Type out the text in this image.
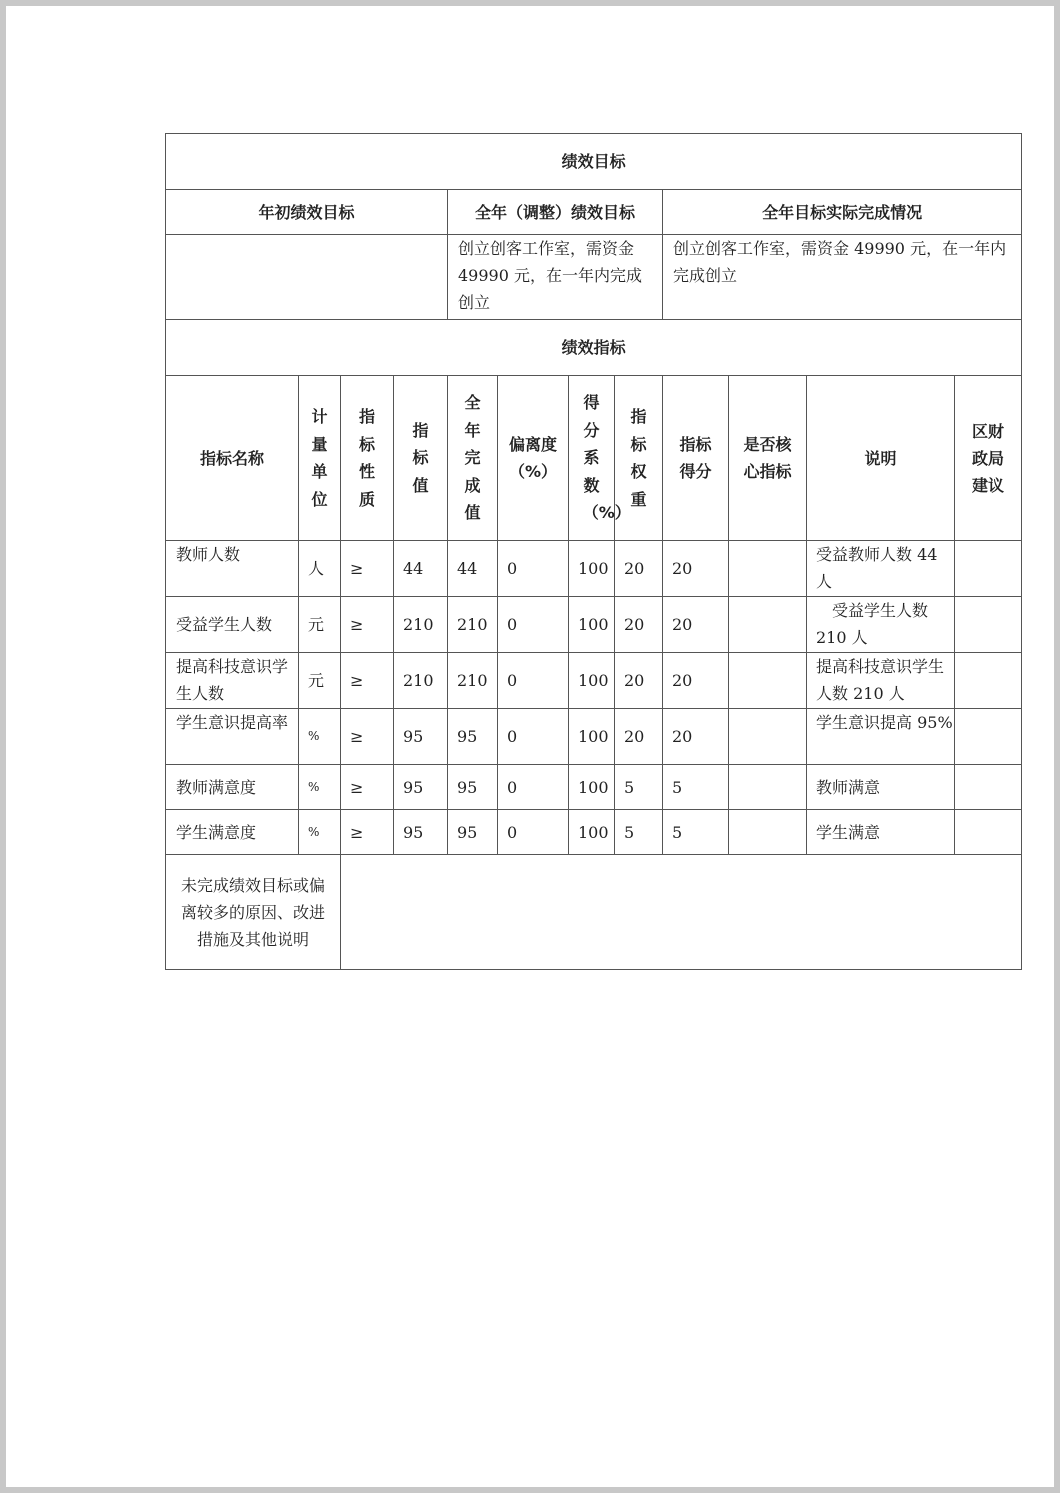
绩效目标											
年初绩效目标				全年（调整）绩效目标				全年目标实际完成情况			
				创立创客工作室，需资金 49990 元，在一年内完成创立				创立创客工作室，需资金 49990 元，在一年内完成创立			
绩效指标											
指标名称	计量单位	指标性质	指标值	全年完成值	偏离度（%）	得分系数（%）	指标权重	指标得分	是否核心指标	说明	区财政局建议
教师人数	人	≥	44	44	0	100	20	20		受益教师人数 44 人	
受益学生人数	元	≥	210	210	0	100	20	20		　受益学生人数 210 人	
提高科技意识学生人数	元	≥	210	210	0	100	20	20		提高科技意识学生人数 210 人	
学生意识提高率	%	≥	95	95	0	100	20	20		学生意识提高 95%	
教师满意度	%	≥	95	95	0	100	5	5		教师满意	
学生满意度	%	≥	95	95	0	100	5	5		学生满意	
未完成绩效目标或偏离较多的原因、改进措施及其他说明											
